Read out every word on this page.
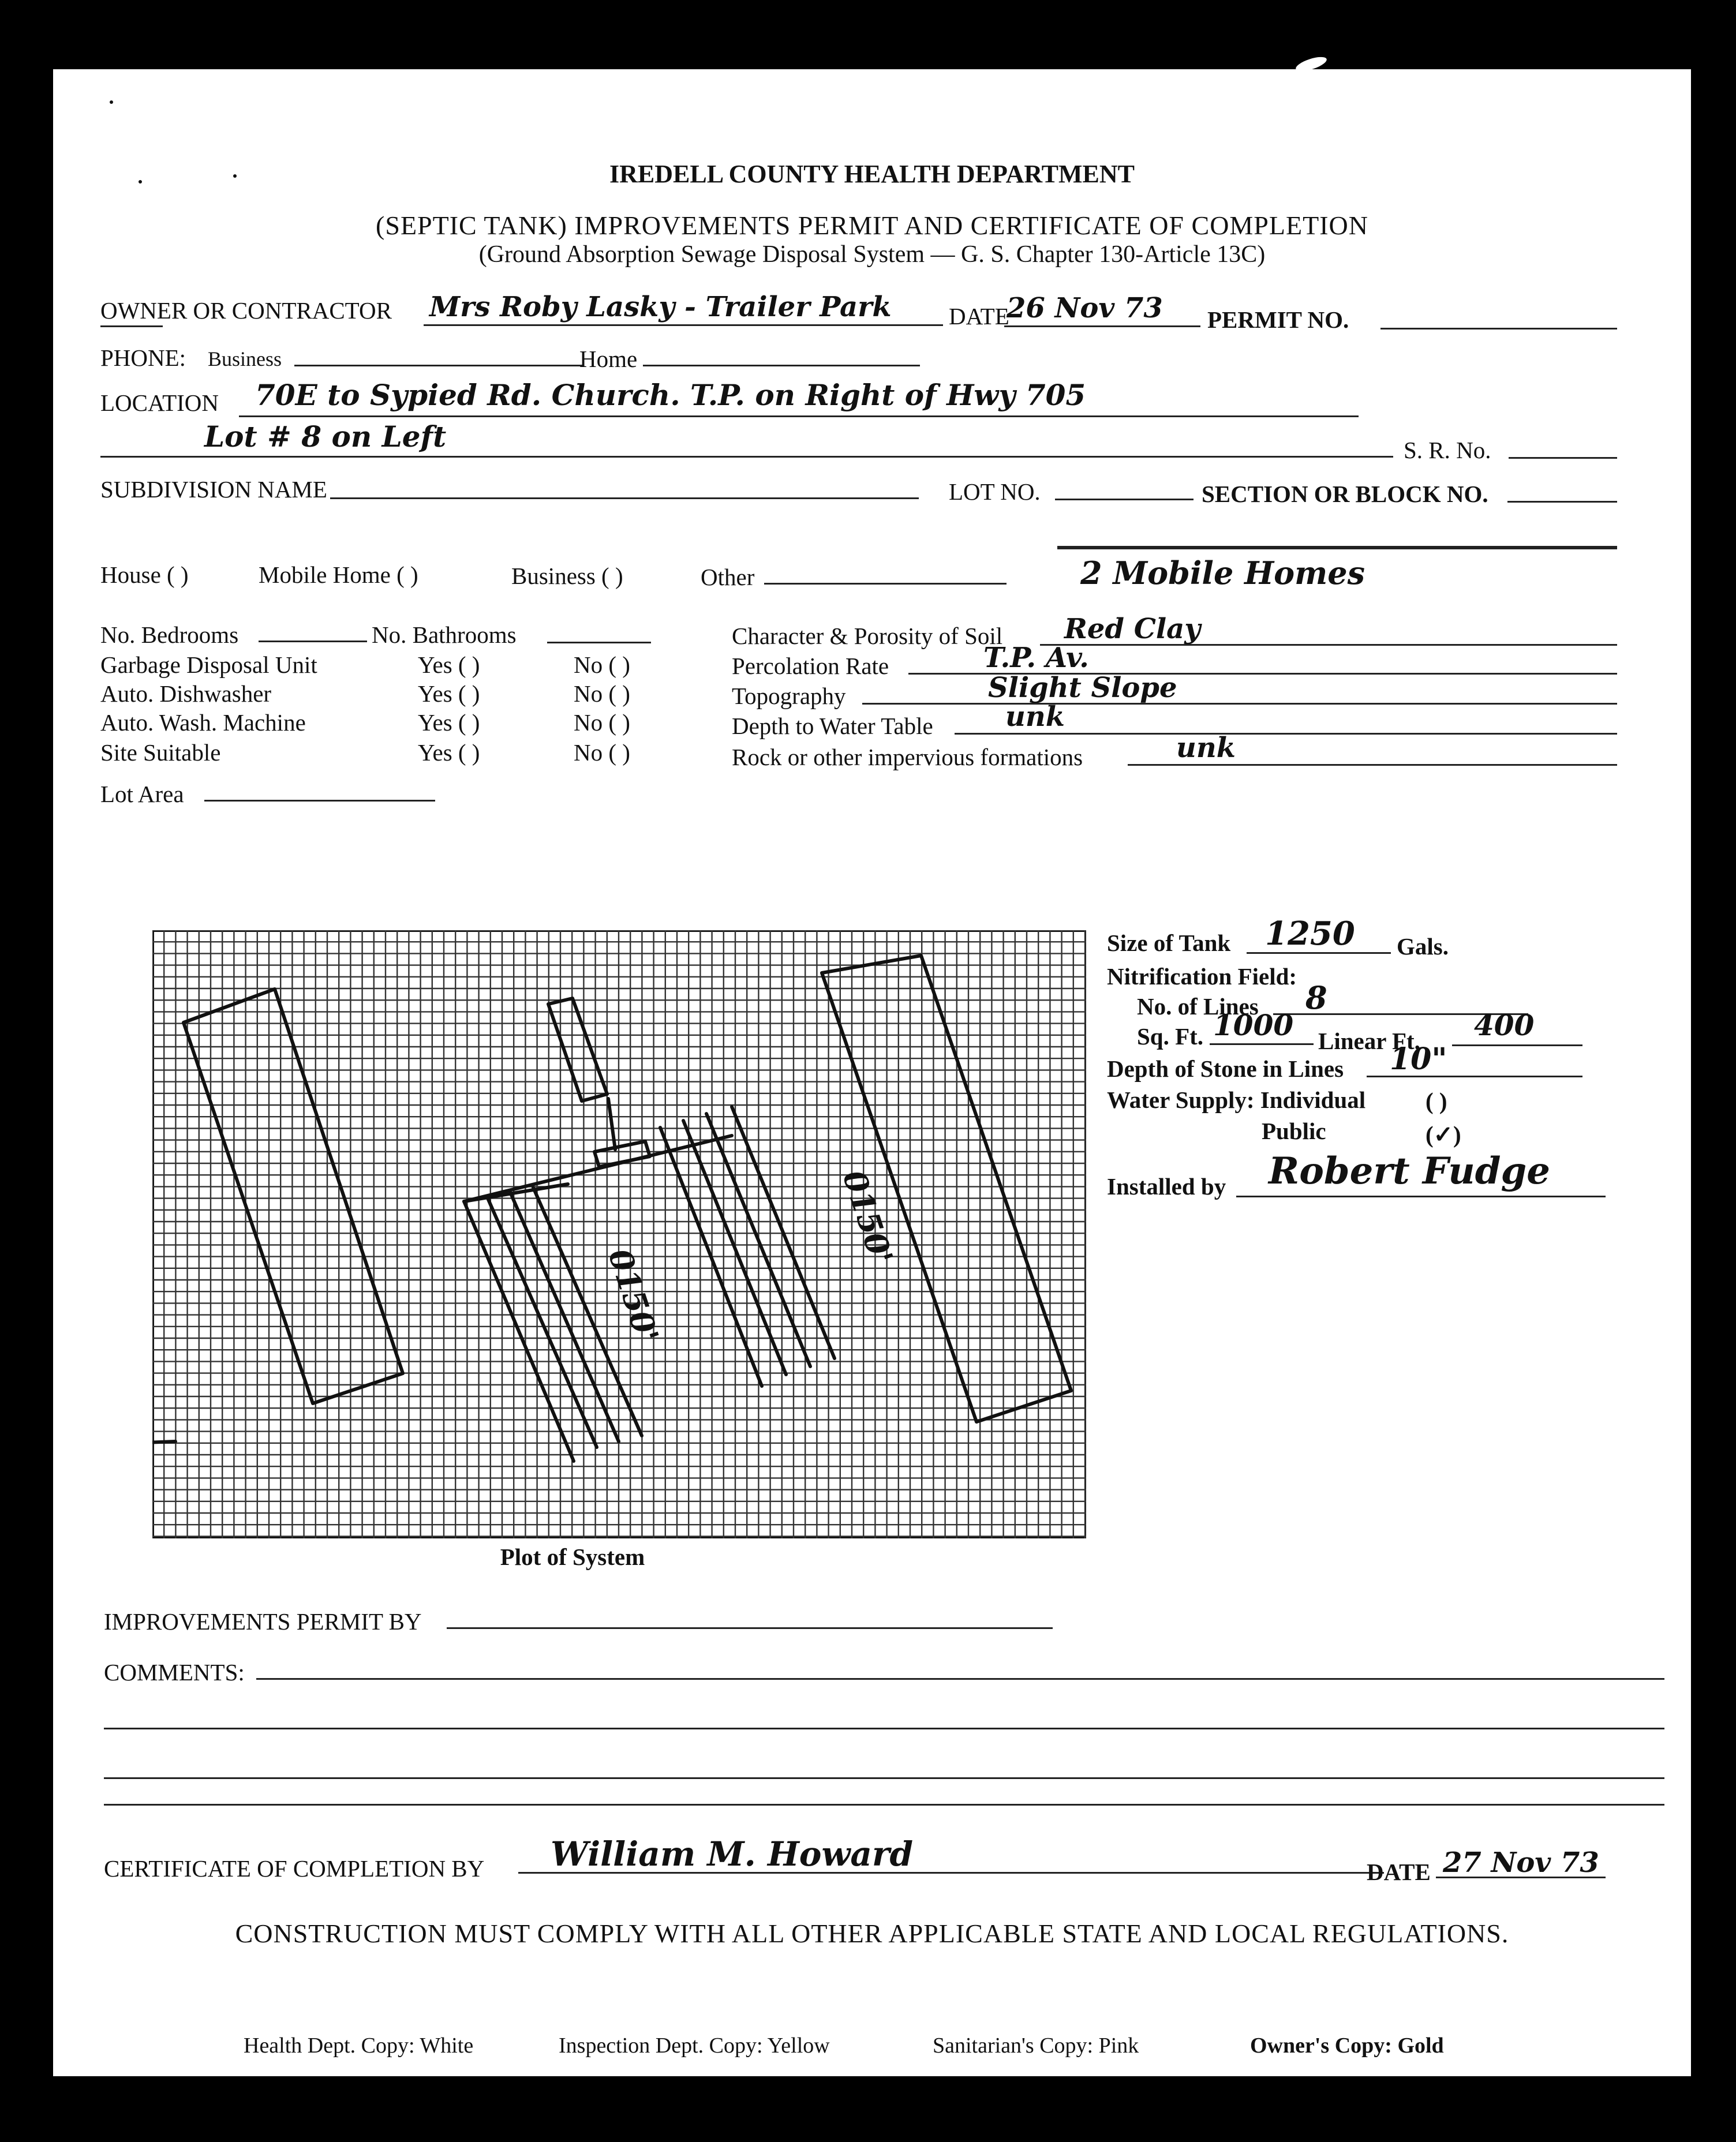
IREDELL COUNTY HEALTH DEPARTMENT
(SEPTIC TANK) IMPROVEMENTS PERMIT AND CERTIFICATE OF COMPLETION
(Ground Absorption Sewage Disposal System — G. S. Chapter 130-Article 13C)
OWNER OR CONTRACTOR Mrs Roby Lasky - Trailer Park DATE
26 Nov 73 PERMIT NO.
PHONE: Business	Home
LOCATION 70E to Sypied Rd. Church. T.P. on Right of Hwy 705
Lot # 8 on Left	S. R. No.
SUBDIVISION NAME	LOT NO.	SECTION OR BLOCK NO.
House ( )	Mobile Home ( )	Business ( )	Other	2 Mobile Homes
No. Bedrooms	No. Bathrooms
Garbage Disposal Unit	Yes ( )	No ( )
Auto. Dishwasher	Yes ( )	No ( )
Auto. Wash. Machine	Yes ( )	No ( )
Site Suitable	Yes ( )	No ( )
Lot Area
Character & Porosity of Soil Red Clay
Percolation Rate	T.P. Av.
Topography	Slight Slope
Depth to Water Table	unk
Rock or other impervious formations	unk
0150'
0150'
Plot of System
Size of Tank 1250 Gals.
Nitrification Field:
No. of Lines 8
Sq. Ft. 1000 Linear Ft. 400
Depth of Stone in Lines 10"
Water Supply: Individual	( )
Public	(✓)
Installed by Robert Fudge
IMPROVEMENTS PERMIT BY
COMMENTS:
CERTIFICATE OF COMPLETION BY William M. Howard	DATE 27 Nov 73
CONSTRUCTION MUST COMPLY WITH ALL OTHER APPLICABLE STATE AND LOCAL REGULATIONS.
Health Dept. Copy: White	Inspection Dept. Copy: Yellow	Sanitarian's Copy: Pink	Owner's Copy: Gold
